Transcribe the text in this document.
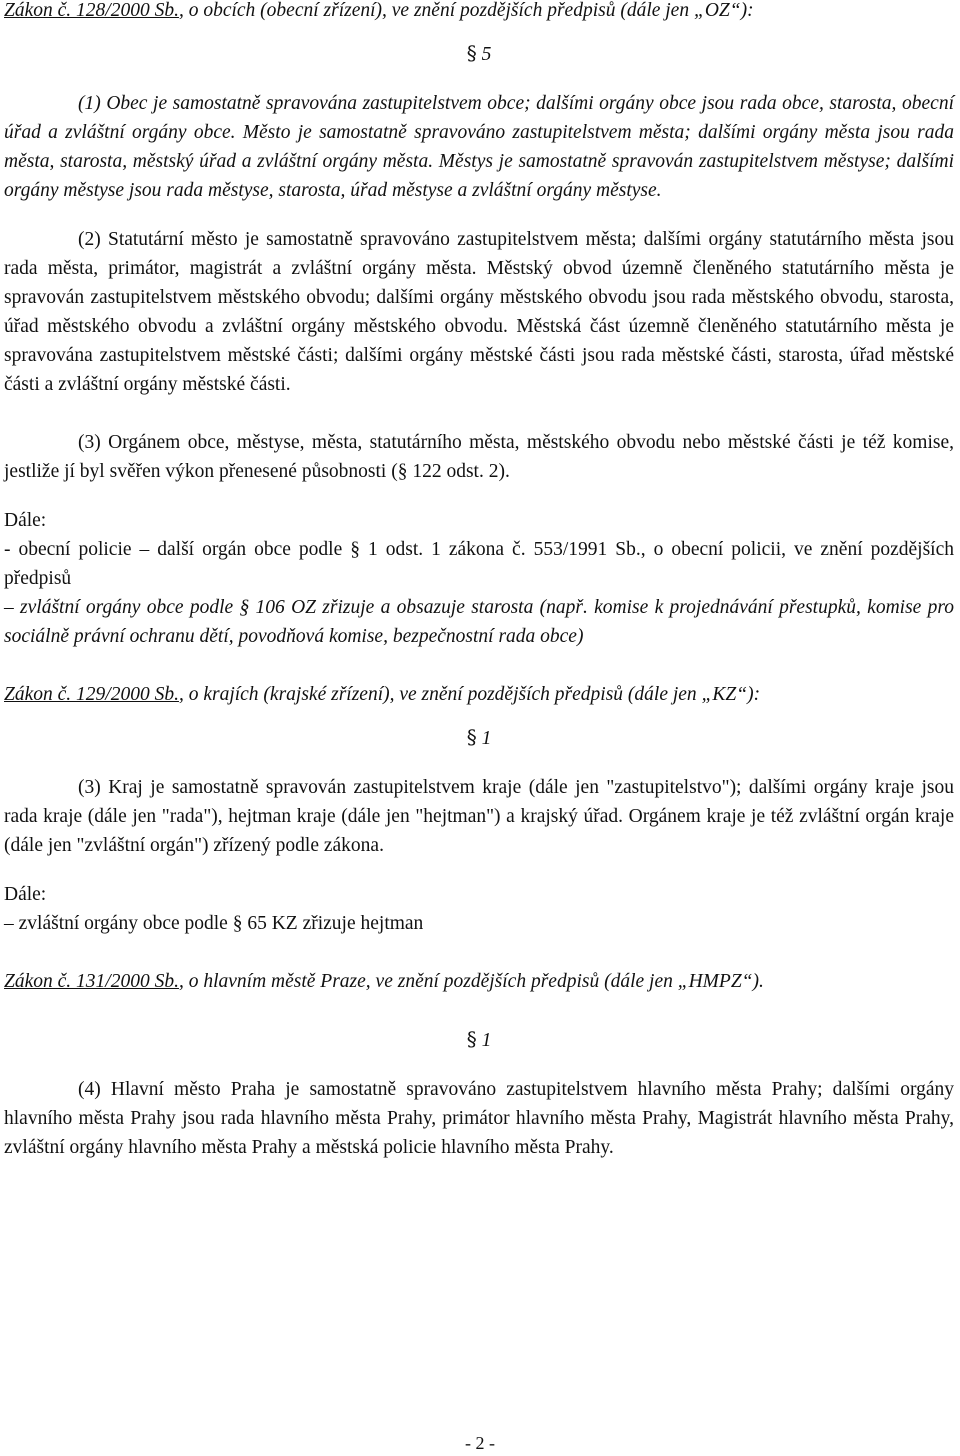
Zákon č. 128/2000 Sb., o obcích (obecní zřízení), ve znění pozdějších předpisů (dále jen „OZ“):

§ 5

(1) Obec je samostatně spravována zastupitelstvem obce; dalšími orgány obce jsou rada obce, starosta, obecní úřad a zvláštní orgány obce. Město je samostatně spravováno zastupitelstvem města; dalšími orgány města jsou rada města, starosta, městský úřad a zvláštní orgány města. Městys je samostatně spravován zastupitelstvem městyse; dalšími orgány městyse jsou rada městyse, starosta, úřad městyse a zvláštní orgány městyse.

(2) Statutární město je samostatně spravováno zastupitelstvem města; dalšími orgány statutárního města jsou rada města, primátor, magistrát a zvláštní orgány města. Městský obvod územně členěného statutárního města je spravován zastupitelstvem městského obvodu; dalšími orgány městského obvodu jsou rada městského obvodu, starosta, úřad městského obvodu a zvláštní orgány městského obvodu. Městská část územně členěného statutárního města je spravována zastupitelstvem městské části; dalšími orgány městské části jsou rada městské části, starosta, úřad městské části a zvláštní orgány městské části.

(3) Orgánem obce, městyse, města, statutárního města, městského obvodu nebo městské části je též komise, jestliže jí byl svěřen výkon přenesené působnosti (§ 122 odst. 2).

Dále:

- obecní policie – další orgán obce podle § 1 odst. 1 zákona č. 553/1991 Sb., o obecní policii, ve znění pozdějších předpisů

– zvláštní orgány obce podle § 106 OZ zřizuje a obsazuje starosta (např. komise k projednávání přestupků, komise pro sociálně právní ochranu dětí, povodňová komise, bezpečnostní rada obce)

Zákon č. 129/2000 Sb., o krajích (krajské zřízení), ve znění pozdějších předpisů (dále jen „KZ“):

§ 1

(3) Kraj je samostatně spravován zastupitelstvem kraje (dále jen "zastupitelstvo"); dalšími orgány kraje jsou rada kraje (dále jen "rada"), hejtman kraje (dále jen "hejtman") a krajský úřad. Orgánem kraje je též zvláštní orgán kraje (dále jen "zvláštní orgán") zřízený podle zákona.

Dále:

– zvláštní orgány obce podle § 65 KZ zřizuje hejtman

Zákon č. 131/2000 Sb., o hlavním městě Praze, ve znění pozdějších předpisů (dále jen „HMPZ“).

§ 1

(4) Hlavní město Praha je samostatně spravováno zastupitelstvem hlavního města Prahy; dalšími orgány hlavního města Prahy jsou rada hlavního města Prahy, primátor hlavního města Prahy, Magistrát hlavního města Prahy, zvláštní orgány hlavního města Prahy a městská policie hlavního města Prahy.

- 2 -
